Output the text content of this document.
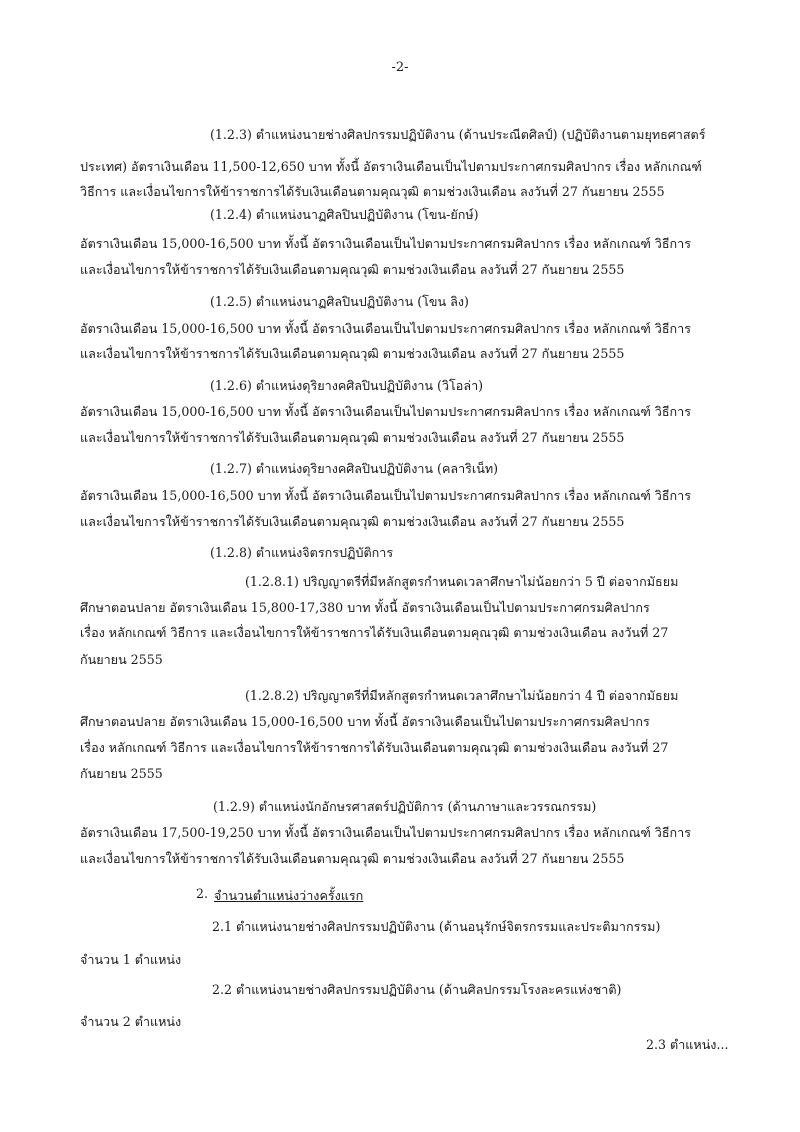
-2-
(1.2.3) ตำแหน่งนายช่างศิลปกรรมปฏิบัติงาน (ด้านประณีตศิลป์) (ปฏิบัติงานตามยุทธศาสตร์
ประเทศ) อัตราเงินเดือน 11,500-12,650 บาท ทั้งนี้ อัตราเงินเดือนเป็นไปตามประกาศกรมศิลปากร เรื่อง หลักเกณฑ์
วิธีการ และเงื่อนไขการให้ข้าราชการได้รับเงินเดือนตามคุณวุฒิ ตามช่วงเงินเดือน ลงวันที่ 27 กันยายน 2555
(1.2.4) ตำแหน่งนาฏศิลปินปฏิบัติงาน (โขน-ยักษ์)
อัตราเงินเดือน 15,000-16,500 บาท ทั้งนี้ อัตราเงินเดือนเป็นไปตามประกาศกรมศิลปากร เรื่อง หลักเกณฑ์ วิธีการ
และเงื่อนไขการให้ข้าราชการได้รับเงินเดือนตามคุณวุฒิ ตามช่วงเงินเดือน ลงวันที่ 27 กันยายน 2555
(1.2.5) ตำแหน่งนาฏศิลปินปฏิบัติงาน (โขน ลิง)
อัตราเงินเดือน 15,000-16,500 บาท ทั้งนี้ อัตราเงินเดือนเป็นไปตามประกาศกรมศิลปากร เรื่อง หลักเกณฑ์ วิธีการ
และเงื่อนไขการให้ข้าราชการได้รับเงินเดือนตามคุณวุฒิ ตามช่วงเงินเดือน ลงวันที่ 27 กันยายน 2555
(1.2.6) ตำแหน่งดุริยางคศิลปินปฏิบัติงาน (วิโอล่า)
อัตราเงินเดือน 15,000-16,500 บาท ทั้งนี้ อัตราเงินเดือนเป็นไปตามประกาศกรมศิลปากร เรื่อง หลักเกณฑ์ วิธีการ
และเงื่อนไขการให้ข้าราชการได้รับเงินเดือนตามคุณวุฒิ ตามช่วงเงินเดือน ลงวันที่ 27 กันยายน 2555
(1.2.7) ตำแหน่งดุริยางคศิลปินปฏิบัติงาน (คลาริเน็ท)
อัตราเงินเดือน 15,000-16,500 บาท ทั้งนี้ อัตราเงินเดือนเป็นไปตามประกาศกรมศิลปากร เรื่อง หลักเกณฑ์ วิธีการ
และเงื่อนไขการให้ข้าราชการได้รับเงินเดือนตามคุณวุฒิ ตามช่วงเงินเดือน ลงวันที่ 27 กันยายน 2555
(1.2.8) ตำแหน่งจิตรกรปฏิบัติการ
(1.2.8.1) ปริญญาตรีที่มีหลักสูตรกำหนดเวลาศึกษาไม่น้อยกว่า 5 ปี ต่อจากมัธยม
ศึกษาตอนปลาย อัตราเงินเดือน 15,800-17,380 บาท ทั้งนี้ อัตราเงินเดือนเป็นไปตามประกาศกรมศิลปากร
เรื่อง หลักเกณฑ์ วิธีการ และเงื่อนไขการให้ข้าราชการได้รับเงินเดือนตามคุณวุฒิ ตามช่วงเงินเดือน ลงวันที่ 27
กันยายน 2555
(1.2.8.2) ปริญญาตรีที่มีหลักสูตรกำหนดเวลาศึกษาไม่น้อยกว่า 4 ปี ต่อจากมัธยม
ศึกษาตอนปลาย อัตราเงินเดือน 15,000-16,500 บาท ทั้งนี้ อัตราเงินเดือนเป็นไปตามประกาศกรมศิลปากร
เรื่อง หลักเกณฑ์ วิธีการ และเงื่อนไขการให้ข้าราชการได้รับเงินเดือนตามคุณวุฒิ ตามช่วงเงินเดือน ลงวันที่ 27
กันยายน 2555
(1.2.9) ตำแหน่งนักอักษรศาสตร์ปฏิบัติการ (ด้านภาษาและวรรณกรรม)
อัตราเงินเดือน 17,500-19,250 บาท ทั้งนี้ อัตราเงินเดือนเป็นไปตามประกาศกรมศิลปากร เรื่อง หลักเกณฑ์ วิธีการ
และเงื่อนไขการให้ข้าราชการได้รับเงินเดือนตามคุณวุฒิ ตามช่วงเงินเดือน ลงวันที่ 27 กันยายน 2555
2. จำนวนตำแหน่งว่างครั้งแรก
2.1 ตำแหน่งนายช่างศิลปกรรมปฏิบัติงาน (ด้านอนุรักษ์จิตรกรรมและประติมากรรม)
จำนวน 1 ตำแหน่ง
2.2 ตำแหน่งนายช่างศิลปกรรมปฏิบัติงาน (ด้านศิลปกรรมโรงละครแห่งชาติ)
จำนวน 2 ตำแหน่ง
2.3 ตำแหน่ง...
